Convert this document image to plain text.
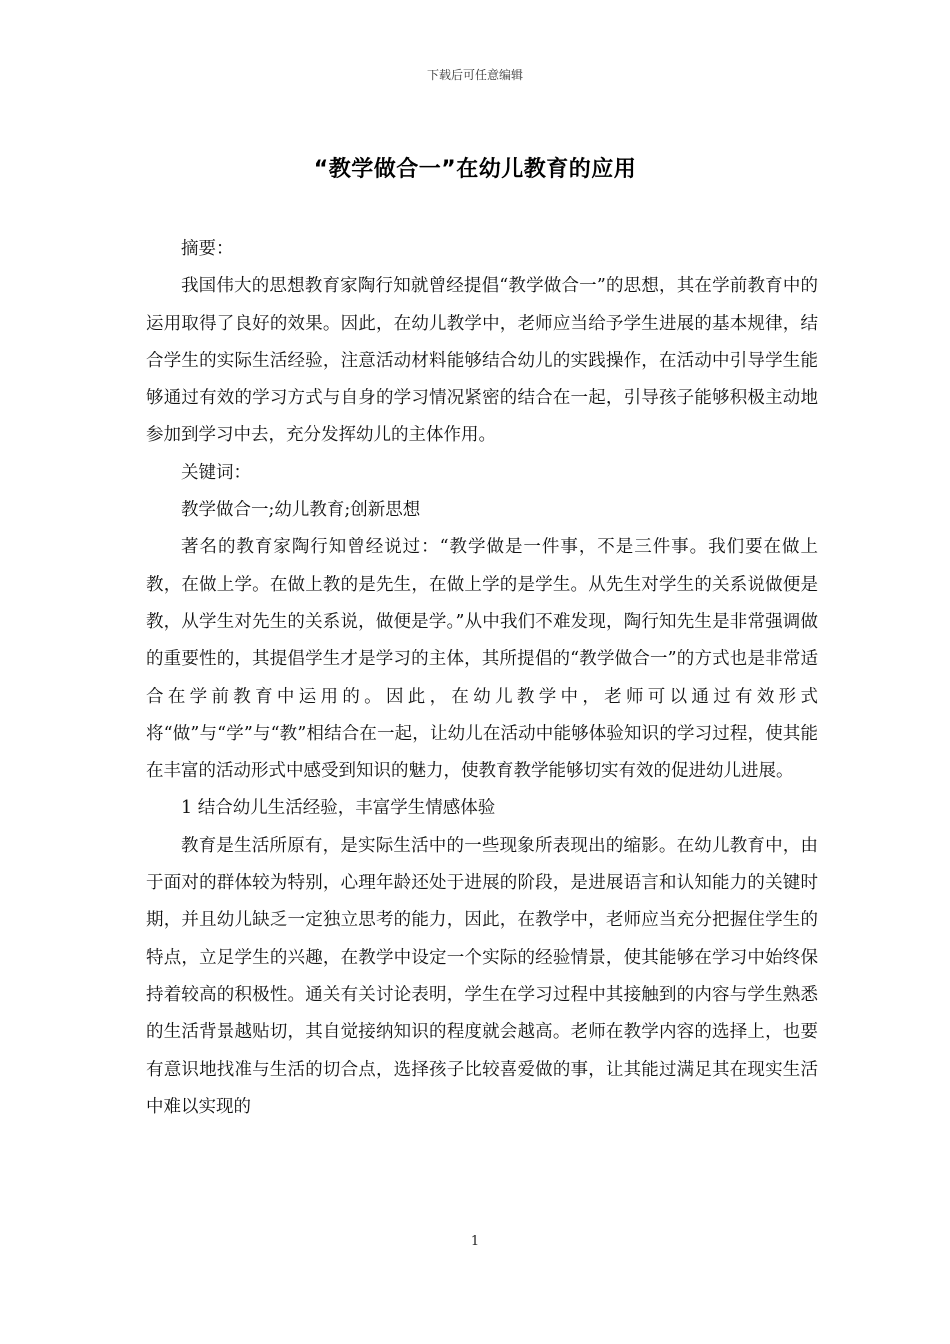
下载后可任意编辑
“教学做合一”在幼儿教育的应用

摘要：

我国伟大的思想教育家陶行知就曾经提倡“教学做合一”的思想，其在学前教育中的运用取得了良好的效果。因此，在幼儿教学中，老师应当给予学生进展的基本规律，结合学生的实际生活经验，注意活动材料能够结合幼儿的实践操作，在活动中引导学生能够通过有效的学习方式与自身的学习情况紧密的结合在一起，引导孩子能够积极主动地参加到学习中去，充分发挥幼儿的主体作用。

关键词：

教学做合一;幼儿教育;创新思想

著名的教育家陶行知曾经说过：“教学做是一件事，不是三件事。我们要在做上教，在做上学。在做上教的是先生，在做上学的是学生。从先生对学生的关系说做便是教，从学生对先生的关系说，做便是学。”从中我们不难发现，陶行知先生是非常强调做的重要性的，其提倡学生才是学习的主体，其所提倡的“教学做合一”的方式也是非常适合在学前教育中运用的。因此，在幼儿教学中，老师可以通过有效形式将“做”与“学”与“教”相结合在一起，让幼儿在活动中能够体验知识的学习过程，使其能在丰富的活动形式中感受到知识的魅力，使教育教学能够切实有效的促进幼儿进展。

1 结合幼儿生活经验，丰富学生情感体验

教育是生活所原有，是实际生活中的一些现象所表现出的缩影。在幼儿教育中，由于面对的群体较为特别，心理年龄还处于进展的阶段，是进展语言和认知能力的关键时期，并且幼儿缺乏一定独立思考的能力，因此，在教学中，老师应当充分把握住学生的特点，立足学生的兴趣，在教学中设定一个实际的经验情景，使其能够在学习中始终保持着较高的积极性。通关有关讨论表明，学生在学习过程中其接触到的内容与学生熟悉的生活背景越贴切，其自觉接纳知识的程度就会越高。老师在教学内容的选择上，也要有意识地找准与生活的切合点，选择孩子比较喜爱做的事，让其能过满足其在现实生活中难以实现的

1
